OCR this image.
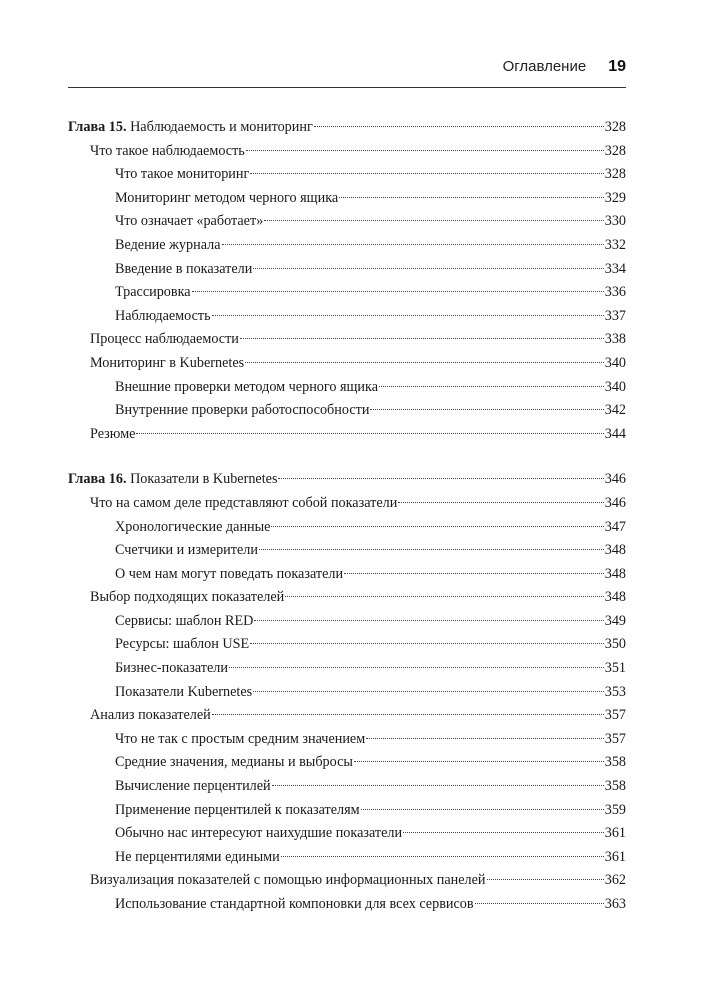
Оглавление 19
Глава 15. Наблюдаемость и мониторинг	328
Что такое наблюдаемость	328
Что такое мониторинг	328
Мониторинг методом черного ящика	329
Что означает «работает»	330
Ведение журнала	332
Введение в показатели	334
Трассировка	336
Наблюдаемость	337
Процесс наблюдаемости	338
Мониторинг в Kubernetes	340
Внешние проверки методом черного ящика	340
Внутренние проверки работоспособности	342
Резюме	344
Глава 16. Показатели в Kubernetes	346
Что на самом деле представляют собой показатели	346
Хронологические данные	347
Счетчики и измерители	348
О чем нам могут поведать показатели	348
Выбор подходящих показателей	348
Сервисы: шаблон RED	349
Ресурсы: шаблон USE	350
Бизнес-показатели	351
Показатели Kubernetes	353
Анализ показателей	357
Что не так с простым средним значением	357
Средние значения, медианы и выбросы	358
Вычисление перцентилей	358
Применение перцентилей к показателям	359
Обычно нас интересуют наихудшие показатели	361
Не перцентилями едиными	361
Визуализация показателей с помощью информационных панелей	362
Использование стандартной компоновки для всех сервисов	363
